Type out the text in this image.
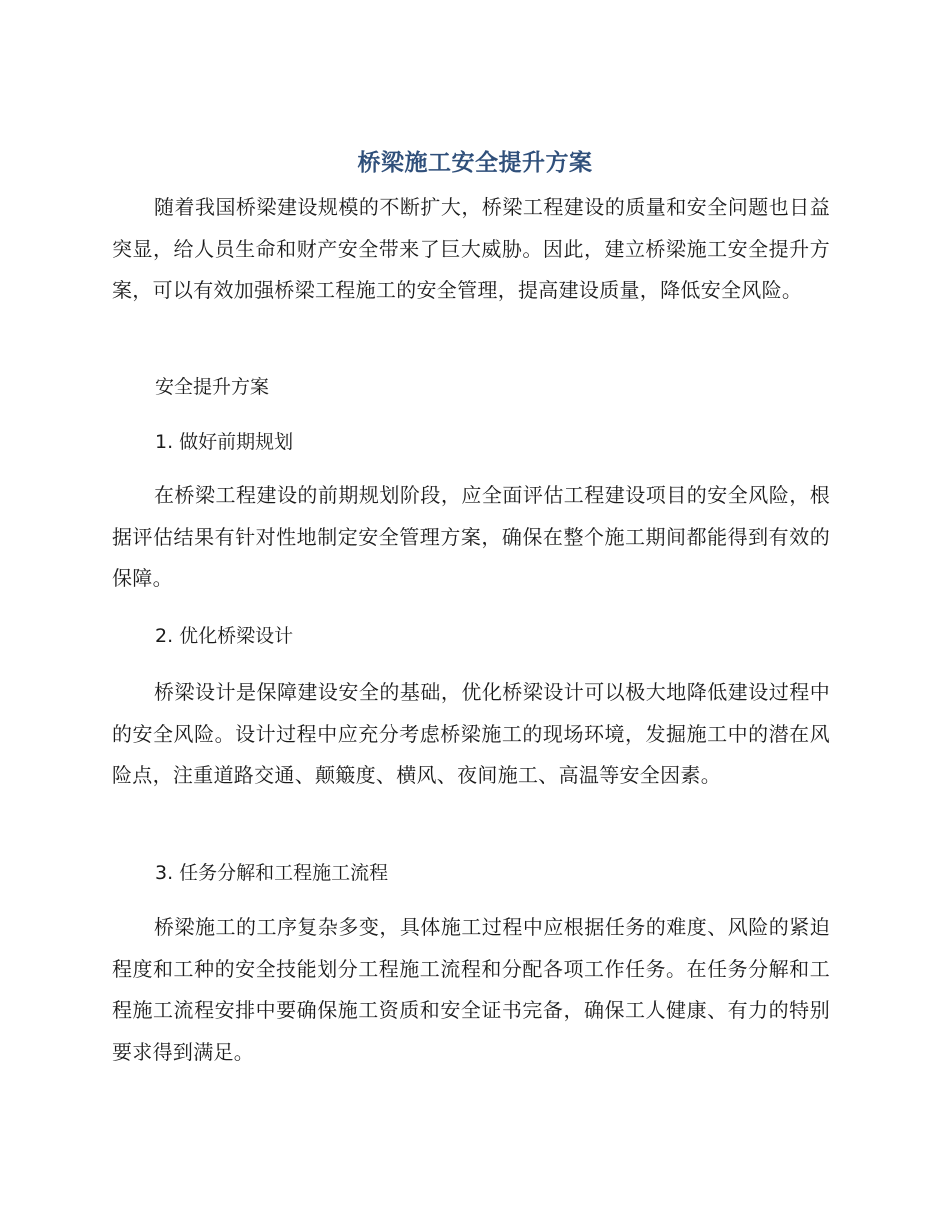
桥梁施工安全提升方案

随着我国桥梁建设规模的不断扩大，桥梁工程建设的质量和安全问题也日益突显，给人员生命和财产安全带来了巨大威胁。因此，建立桥梁施工安全提升方案，可以有效加强桥梁工程施工的安全管理，提高建设质量，降低安全风险。

安全提升方案
1. 做好前期规划

在桥梁工程建设的前期规划阶段，应全面评估工程建设项目的安全风险，根据评估结果有针对性地制定安全管理方案，确保在整个施工期间都能得到有效的保障。

2. 优化桥梁设计

桥梁设计是保障建设安全的基础，优化桥梁设计可以极大地降低建设过程中的安全风险。设计过程中应充分考虑桥梁施工的现场环境，发掘施工中的潜在风险点，注重道路交通、颠簸度、横风、夜间施工、高温等安全因素。

3. 任务分解和工程施工流程

桥梁施工的工序复杂多变，具体施工过程中应根据任务的难度、风险的紧迫程度和工种的安全技能划分工程施工流程和分配各项工作任务。在任务分解和工程施工流程安排中要确保施工资质和安全证书完备，确保工人健康、有力的特别要求得到满足。
